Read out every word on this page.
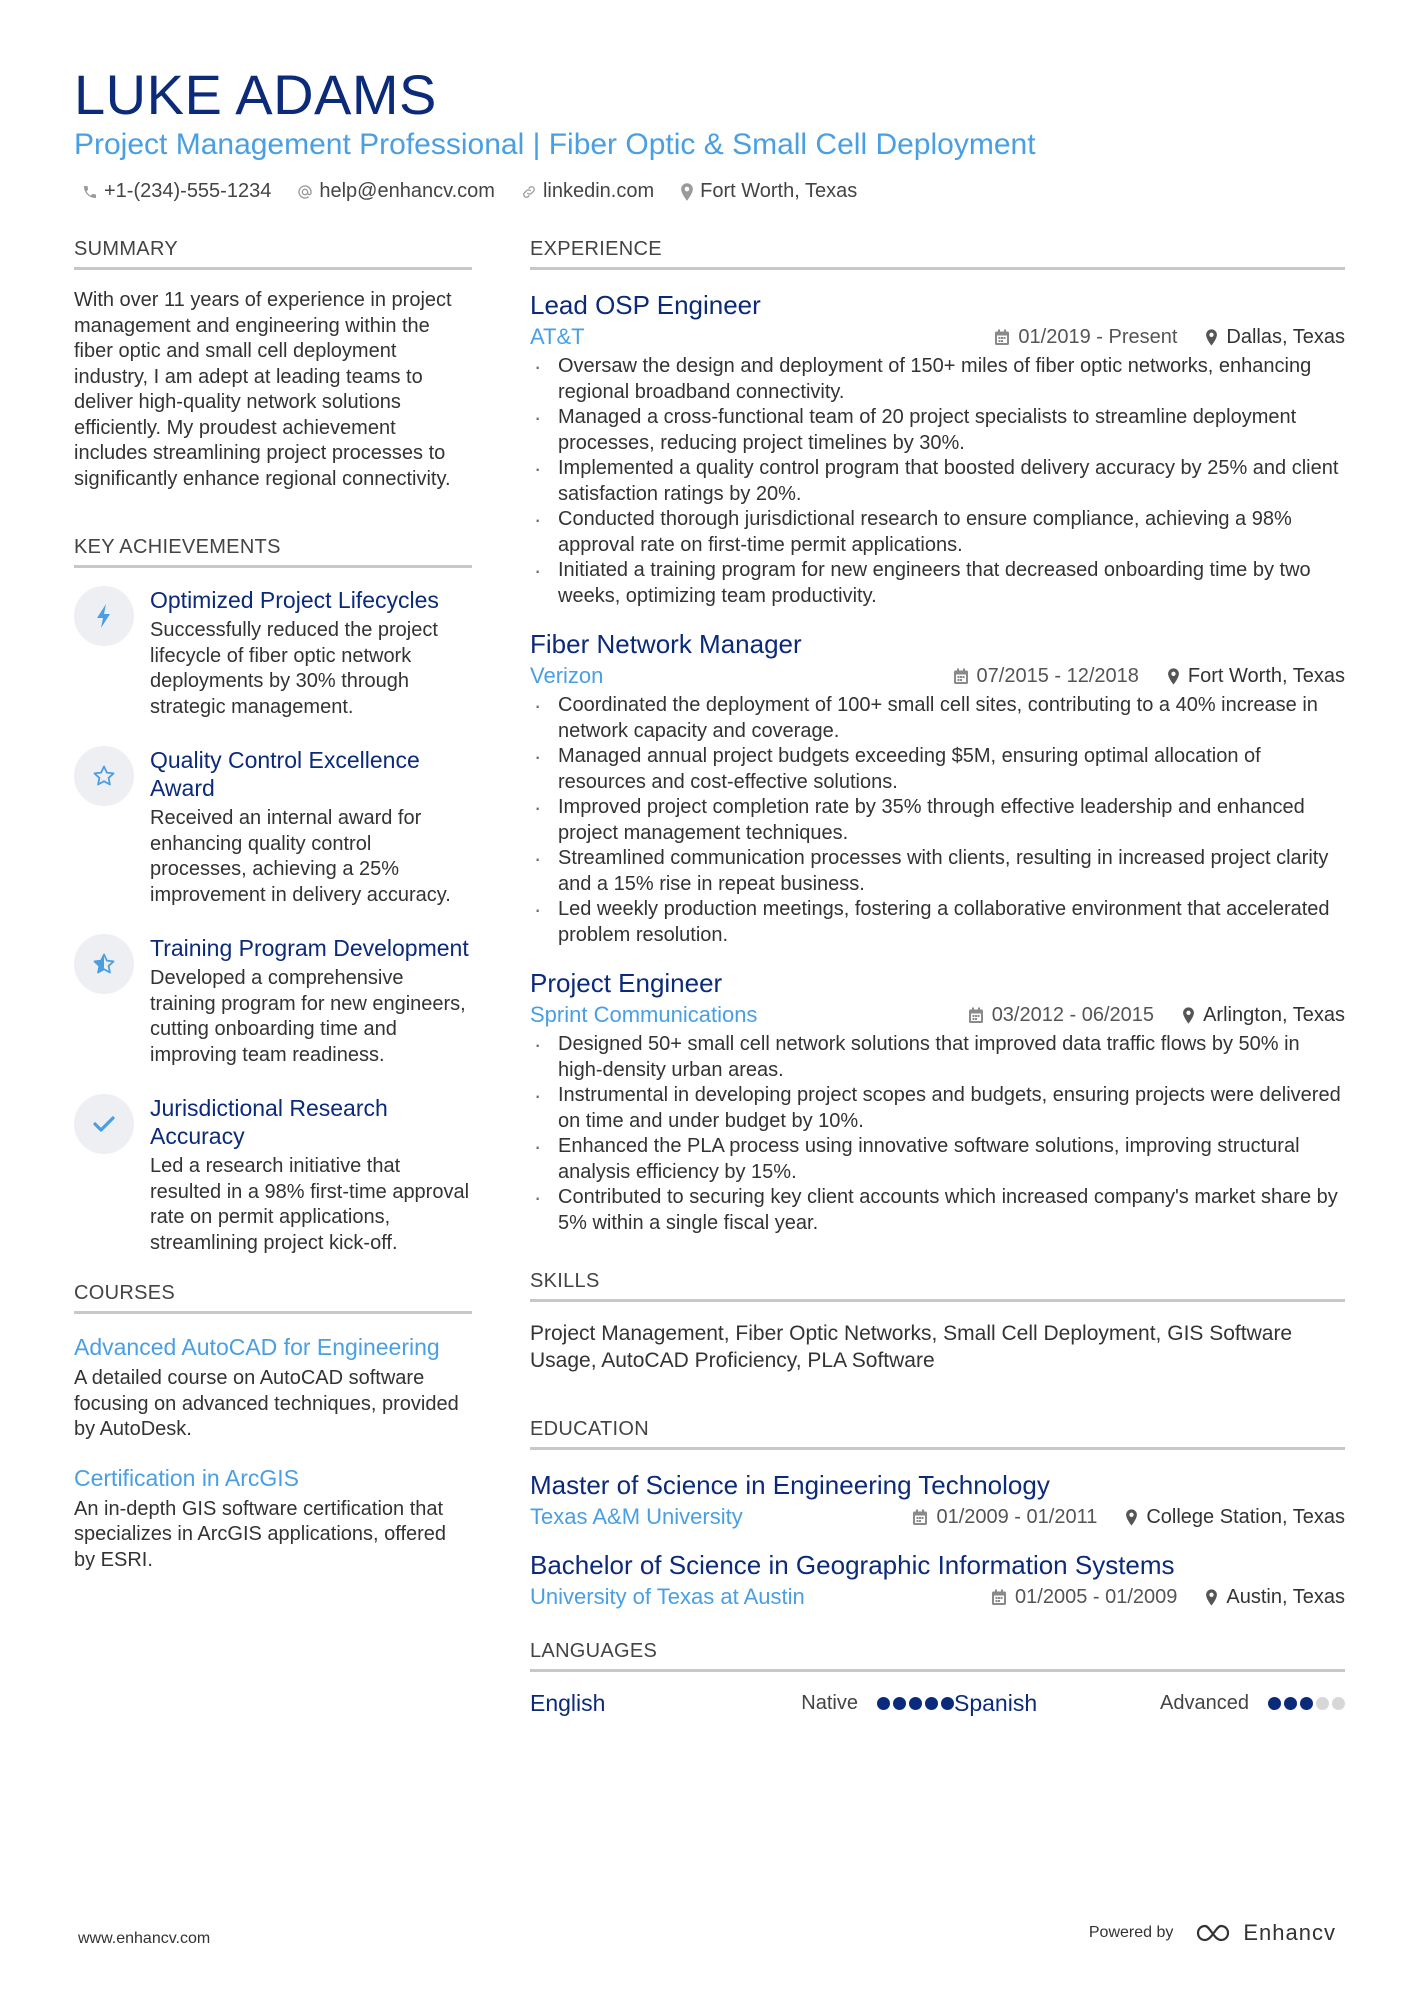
LUKE ADAMS
Project Management Professional | Fiber Optic & Small Cell Deployment
+1-(234)-555-1234 help@enhancv.com linkedin.com Fort Worth, Texas
SUMMARY

With over 11 years of experience in project management and engineering within the fiber optic and small cell deployment industry, I am adept at leading teams to deliver high-quality network solutions efficiently. My proudest achievement includes streamlining project processes to significantly enhance regional connectivity.

KEY ACHIEVEMENTS
Optimized Project Lifecycles
Successfully reduced the project lifecycle of fiber optic network deployments by 30% through strategic management.
Quality Control Excellence Award
Received an internal award for enhancing quality control processes, achieving a 25% improvement in delivery accuracy.
Training Program Development
Developed a comprehensive training program for new engineers, cutting onboarding time and improving team readiness.
Jurisdictional Research Accuracy
Led a research initiative that resulted in a 98% first-time approval rate on permit applications, streamlining project kick-off.
COURSES
Advanced AutoCAD for Engineering
A detailed course on AutoCAD software focusing on advanced techniques, provided by AutoDesk.
Certification in ArcGIS
An in-depth GIS software certification that specializes in ArcGIS applications, offered by ESRI.
EXPERIENCE
Lead OSP Engineer
AT&T	01/2019 - Present Dallas, Texas
· Oversaw the design and deployment of 150+ miles of fiber optic networks, enhancing regional broadband connectivity.
· Managed a cross-functional team of 20 project specialists to streamline deployment processes, reducing project timelines by 30%.
· Implemented a quality control program that boosted delivery accuracy by 25% and client satisfaction ratings by 20%.
· Conducted thorough jurisdictional research to ensure compliance, achieving a 98% approval rate on first-time permit applications.
· Initiated a training program for new engineers that decreased onboarding time by two weeks, optimizing team productivity.
Fiber Network Manager
Verizon	07/2015 - 12/2018 Fort Worth, Texas
· Coordinated the deployment of 100+ small cell sites, contributing to a 40% increase in network capacity and coverage.
· Managed annual project budgets exceeding $5M, ensuring optimal allocation of resources and cost-effective solutions.
· Improved project completion rate by 35% through effective leadership and enhanced project management techniques.
· Streamlined communication processes with clients, resulting in increased project clarity and a 15% rise in repeat business.
· Led weekly production meetings, fostering a collaborative environment that accelerated problem resolution.
Project Engineer
Sprint Communications	03/2012 - 06/2015 Arlington, Texas
· Designed 50+ small cell network solutions that improved data traffic flows by 50% in high-density urban areas.
· Instrumental in developing project scopes and budgets, ensuring projects were delivered on time and under budget by 10%.
· Enhanced the PLA process using innovative software solutions, improving structural analysis efficiency by 15%.
· Contributed to securing key client accounts which increased company's market share by 5% within a single fiscal year.
SKILLS

Project Management, Fiber Optic Networks, Small Cell Deployment, GIS Software Usage, AutoCAD Proficiency, PLA Software

EDUCATION
Master of Science in Engineering Technology
Texas A&M University	01/2009 - 01/2011 College Station, Texas
Bachelor of Science in Geographic Information Systems
University of Texas at Austin	01/2005 - 01/2009 Austin, Texas
LANGUAGES
English	Native	Spanish	Advanced
www.enhancv.com	Powered by	Enhancv
